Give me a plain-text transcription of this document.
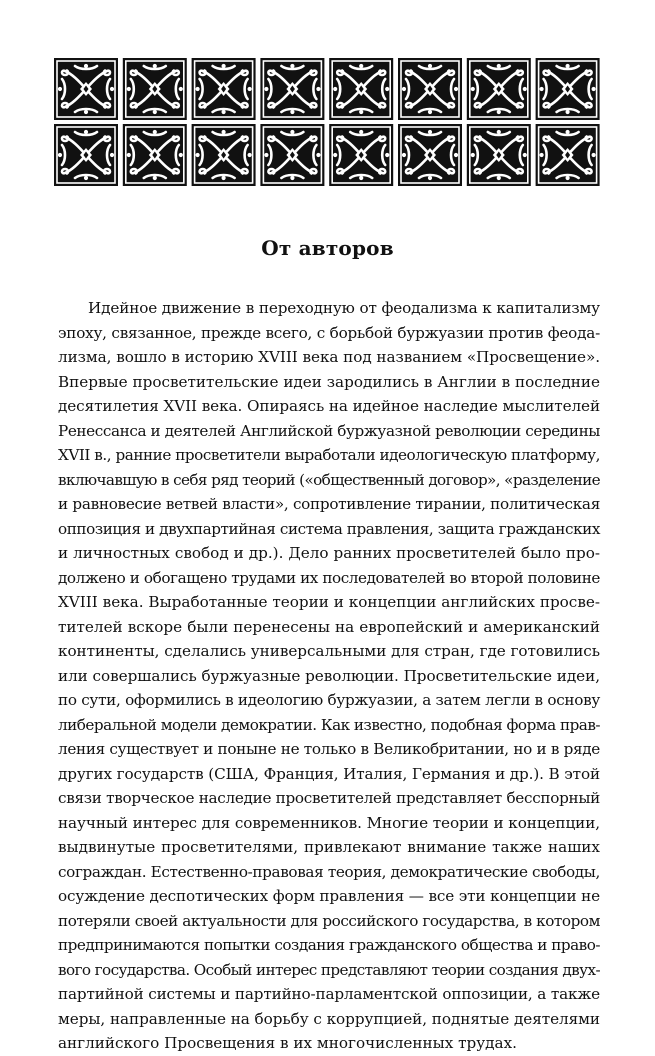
От авторов
Идейное движение в переходную от феодализма к капитализму
эпоху, связанное, прежде всего, с борьбой буржуазии против феода-
лизма, вошло в историю XVIII века под названием «Просвещение».
Впервые просветительские идеи зародились в Англии в последние
десятилетия XVII века. Опираясь на идейное наследие мыслителей
Ренессанса и деятелей Английской буржуазной революции середины
XVII в., ранние просветители выработали идеологическую платформу,
включавшую в себя ряд теорий («общественный договор», «разделение
и равновесие ветвей власти», сопротивление тирании, политическая
оппозиция и двухпартийная система правления, защита гражданских
и личностных свобод и др.). Дело ранних просветителей было про-
должено и обогащено трудами их последователей во второй половине
XVIII века. Выработанные теории и концепции английских просве-
тителей вскоре были перенесены на европейский и американский
континенты, сделались универсальными для стран, где готовились
или совершались буржуазные революции. Просветительские идеи,
по сути, оформились в идеологию буржуазии, а затем легли в основу
либеральной модели демократии. Как известно, подобная форма прав-
ления существует и поныне не только в Великобритании, но и в ряде
других государств (США, Франция, Италия, Германия и др.). В этой
связи творческое наследие просветителей представляет бесспорный
научный интерес для современников. Многие теории и концепции,
выдвинутые просветителями, привлекают внимание также наших
сограждан. Естественно-правовая теория, демократические свободы,
осуждение деспотических форм правления — все эти концепции не
потеряли своей актуальности для российского государства, в котором
предпринимаются попытки создания гражданского общества и право-
вого государства. Особый интерес представляют теории создания двух-
партийной системы и партийно-парламентской оппозиции, а также
меры, направленные на борьбу с коррупцией, поднятые деятелями
английского Просвещения в их многочисленных трудах.
